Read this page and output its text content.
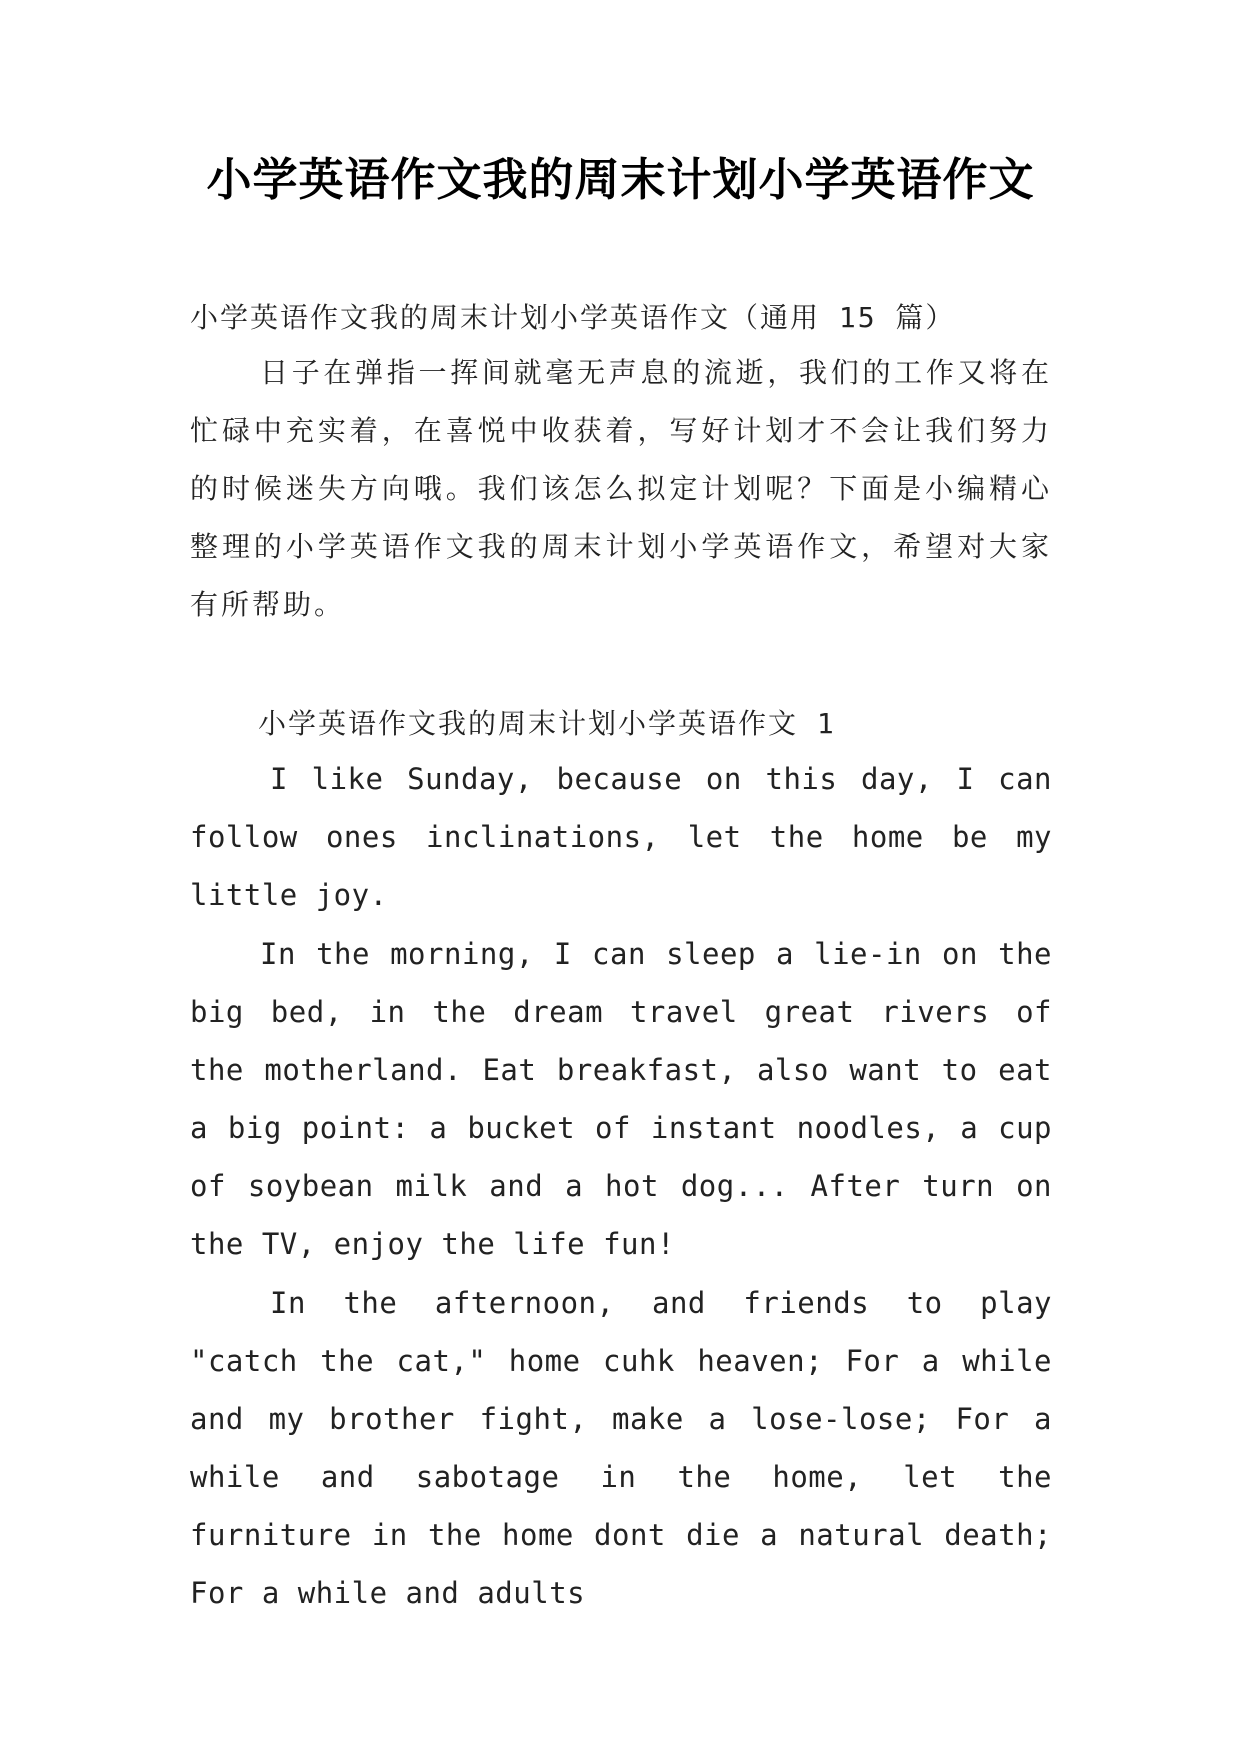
小学英语作文我的周末计划小学英语作文

小学英语作文我的周末计划小学英语作文（通用 15 篇）

日子在弹指一挥间就毫无声息的流逝，我们的工作又将在忙碌中充实着，在喜悦中收获着，写好计划才不会让我们努力的时候迷失方向哦。我们该怎么拟定计划呢？下面是小编精心整理的小学英语作文我的周末计划小学英语作文，希望对大家有所帮助。

小学英语作文我的周末计划小学英语作文 1

I like Sunday, because on this day, I can follow ones inclinations, let the home be my little joy.

In the morning, I can sleep a lie-in on the big bed, in the dream travel great rivers of the motherland. Eat breakfast, also want to eat a big point: a bucket of instant noodles, a cup of soybean milk and a hot dog... After turn on the TV, enjoy the life fun!

In the afternoon, and friends to play "catch the cat," home cuhk heaven; For a while and my brother fight, make a lose-lose; For a while and sabotage in the home, let the furniture in the home dont die a natural death; For a while and adults
